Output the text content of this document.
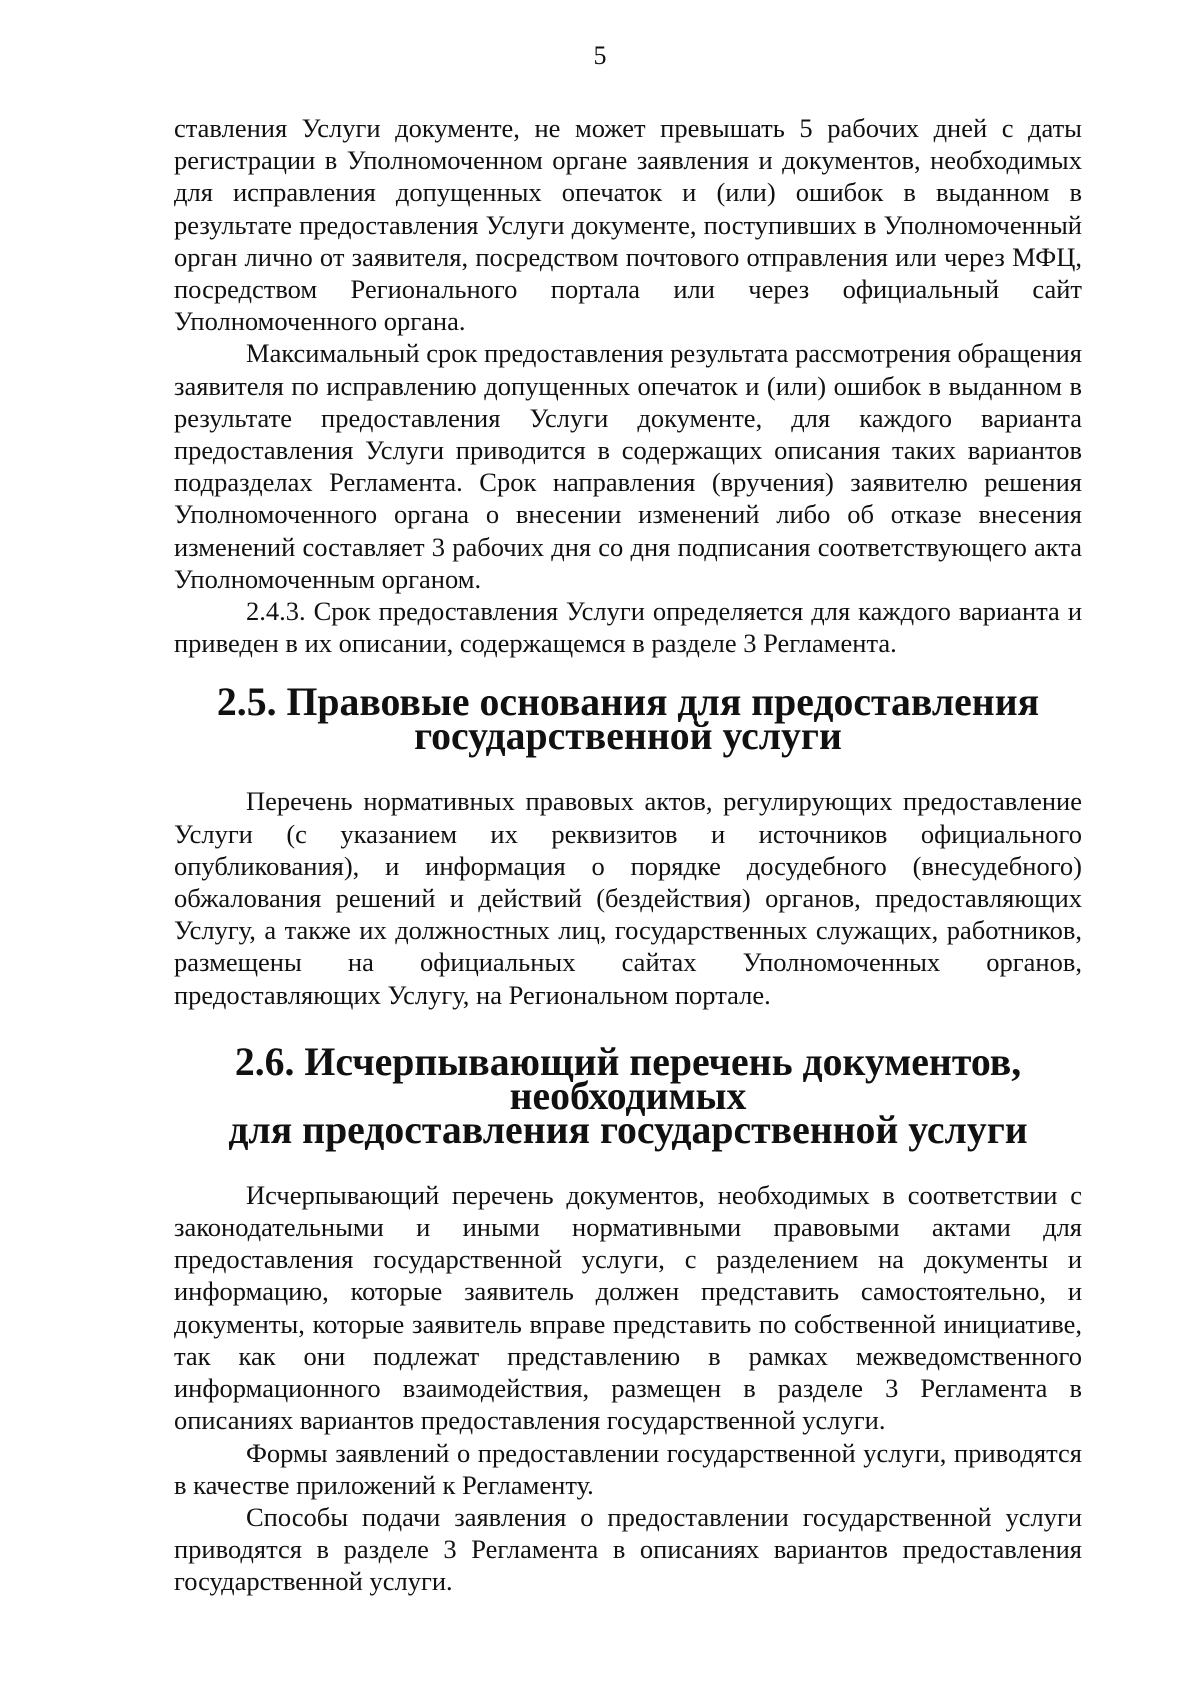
5

ставления Услуги документе, не может превышать 5 рабочих дней с даты регистрации в Уполномоченном органе заявления и документов, необходимых для исправления допущенных опечаток и (или) ошибок в выданном в результате предоставления Услуги документе, поступивших в Уполномоченный орган лично от заявителя, посредством почтового отправления или через МФЦ, посредством Регионального портала или через официальный сайт Уполномоченного органа.

Максимальный срок предоставления результата рассмотрения обращения заявителя по исправлению допущенных опечаток и (или) ошибок в выданном в результате предоставления Услуги документе, для каждого варианта предоставления Услуги приводится в содержащих описания таких вариантов подразделах Регламента. Срок направления (вручения) заявителю решения Уполномоченного органа о внесении изменений либо об отказе внесения изменений составляет 3 рабочих дня со дня подписания соответствующего акта Уполномоченным органом.

2.4.3. Срок предоставления Услуги определяется для каждого варианта и приведен в их описании, содержащемся в разделе 3 Регламента.

2.5. Правовые основания для предоставления
государственной услуги

Перечень нормативных правовых актов, регулирующих предоставление Услуги (с указанием их реквизитов и источников официального опубликования), и информация о порядке досудебного (внесудебного) обжалования решений и действий (бездействия) органов, предоставляющих Услугу, а также их должностных лиц, государственных служащих, работников, размещены на официальных сайтах Уполномоченных органов, предоставляющих Услугу, на Региональном портале.

2.6. Исчерпывающий перечень документов, необходимых
для предоставления государственной услуги

Исчерпывающий перечень документов, необходимых в соответствии с законодательными и иными нормативными правовыми актами для предоставления государственной услуги, с разделением на документы и информацию, которые заявитель должен представить самостоятельно, и документы, которые заявитель вправе представить по собственной инициативе, так как они подлежат представлению в рамках межведомственного информационного взаимодействия, размещен в разделе 3 Регламента в описаниях вариантов предоставления государственной услуги.

Формы заявлений о предоставлении государственной услуги, приводятся в качестве приложений к Регламенту.

Способы подачи заявления о предоставлении государственной услуги приводятся в разделе 3 Регламента в описаниях вариантов предоставления государственной услуги.
